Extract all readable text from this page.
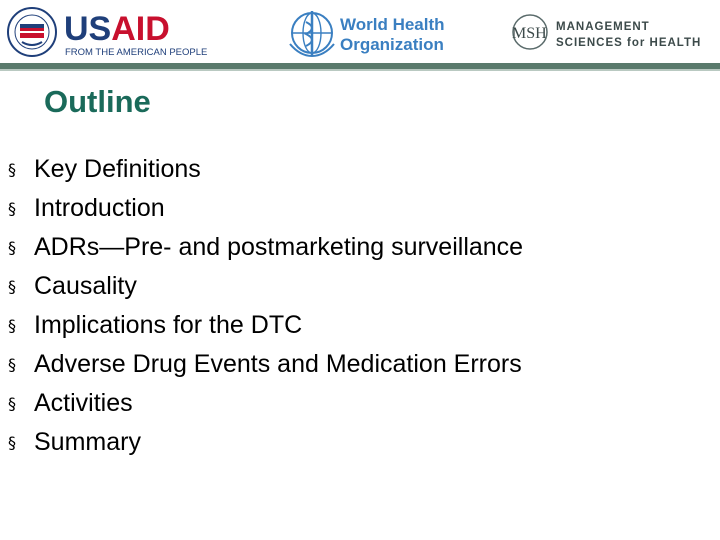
USAID
FROM THE AMERICAN PEOPLE
World Health
Organization
MSH MANAGEMENT
SCIENCES for HEALTH
Outline
§ Key Definitions
§ Introduction
§ ADRs—Pre- and postmarketing surveillance
§ Causality
§ Implications for the DTC
§ Adverse Drug Events and Medication Errors
§ Activities
§ Summary
